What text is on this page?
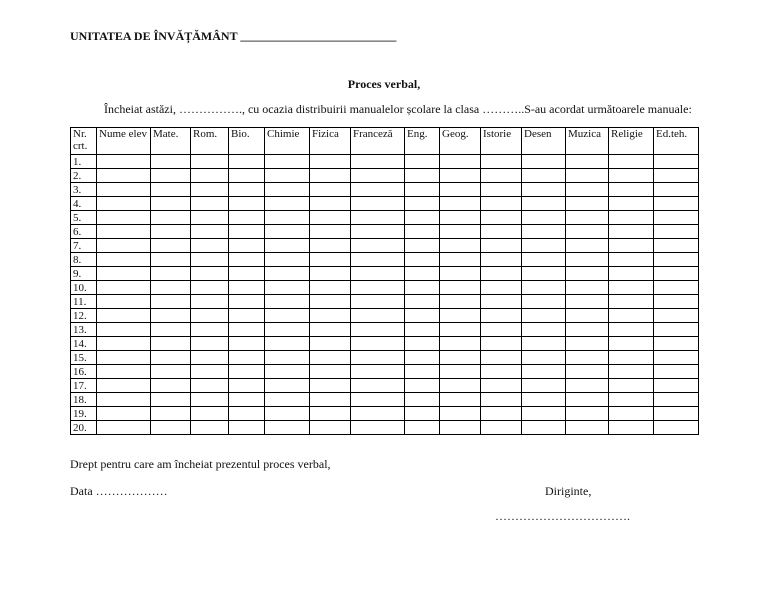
UNITATEA DE ÎNVĂȚĂMÂNT __________________________
Proces verbal,
Încheiat astăzi, ……………., cu ocazia distribuirii manualelor școlare la clasa ………..S-au acordat următoarele manuale:
Nr. crt.	Nume elev	Mate.	Rom.	Bio.	Chimie	Fizica	Franceză	Eng.	Geog.	Istorie	Desen	Muzica	Religie	Ed.teh.
1.														
2.														
3.														
4.														
5.														
6.														
7.														
8.														
9.														
10.														
11.														
12.														
13.														
14.														
15.														
16.														
17.														
18.														
19.														
20.														
Drept pentru care am încheiat prezentul proces verbal,
Data ………………	Diriginte,
…………………………….
